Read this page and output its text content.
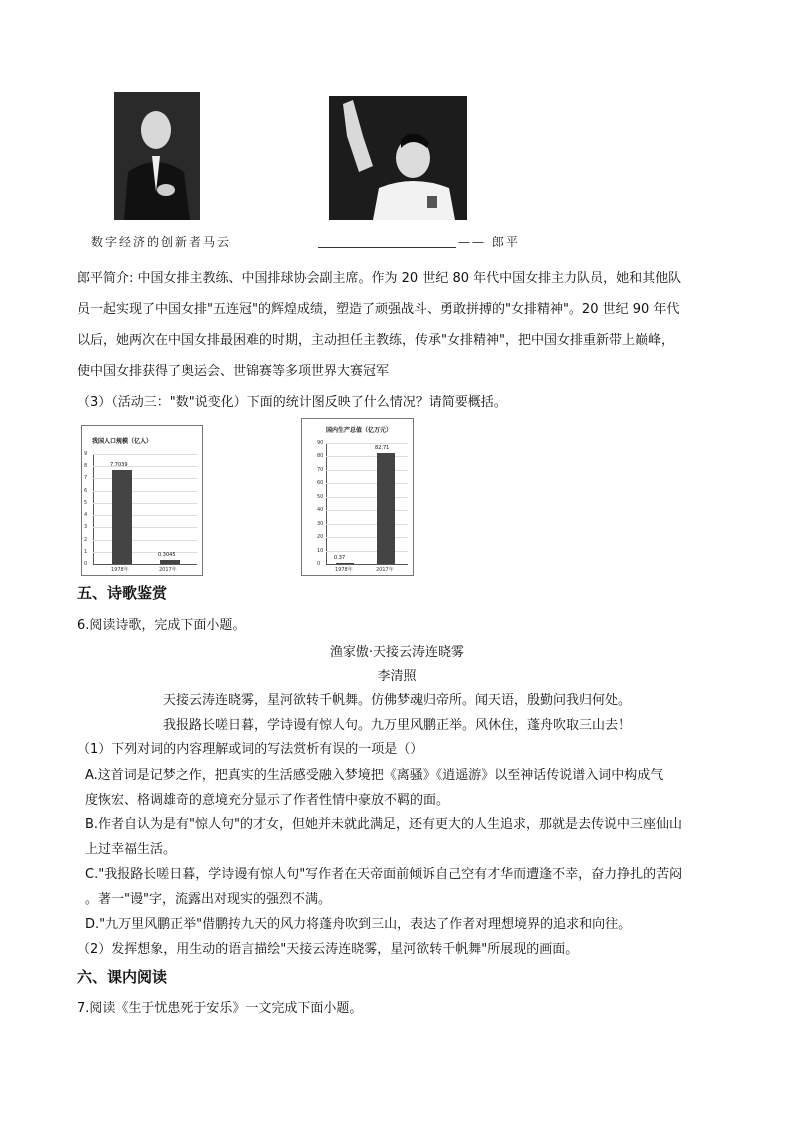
数字经济的创新者马云	—— 郎平
郎平简介: 中国女排主教练、中国排球协会副主席。作为 20 世纪 80 年代中国女排主力队员，她和其他队
员一起实现了中国女排"五连冠"的辉煌成绩，塑造了顽强战斗、勇敢拼搏的"女排精神"。20 世纪 90 年代
以后，她两次在中国女排最困难的时期，主动担任主教练，传承"女排精神"，把中国女排重新带上巅峰，
使中国女排获得了奥运会、世锦赛等多项世界大赛冠军
（3）（活动三："数"说变化）下面的统计图反映了什么情况？请简要概括。
我国人口规模（亿人）
0
1
2
3
4
5
6
7
8
9
7.7039
1978年
0.3045
2017年
国内生产总值（亿万元）
0
10
20
30
40
50
60
70
80
90
0.37
1978年
82.71
2017年
五、诗歌鉴赏
6.阅读诗歌，完成下面小题。
渔家傲·天接云涛连晓雾
李清照
天接云涛连晓雾，星河欲转千帆舞。仿佛梦魂归帝所。闻天语，殷勤问我归何处。
我报路长嗟日暮，学诗谩有惊人句。九万里风鹏正举。风休住，蓬舟吹取三山去！
（1）下列对词的内容理解或词的写法赏析有误的一项是（）
A.这首词是记梦之作，把真实的生活感受融入梦境把《离骚》《逍遥游》以至神话传说谱入词中构成气
度恢宏、格调雄奇的意境充分显示了作者性情中豪放不羁的面。
B.作者自认为是有"惊人句"的才女，但她并未就此满足，还有更大的人生追求，那就是去传说中三座仙山
上过幸福生活。
C."我报路长嗟日暮，学诗谩有惊人句"写作者在天帝面前倾诉自己空有才华而遭逢不幸，奋力挣扎的苦闷
。著一"谩"字，流露出对现实的强烈不满。
D."九万里风鹏正举"借鹏抟九天的风力将蓬舟吹到三山，表达了作者对理想境界的追求和向往。
（2）发挥想象，用生动的语言描绘"天接云涛连晓雾，星河欲转千帆舞"所展现的画面。
六、课内阅读
7.阅读《生于忧患死于安乐》一文完成下面小题。
